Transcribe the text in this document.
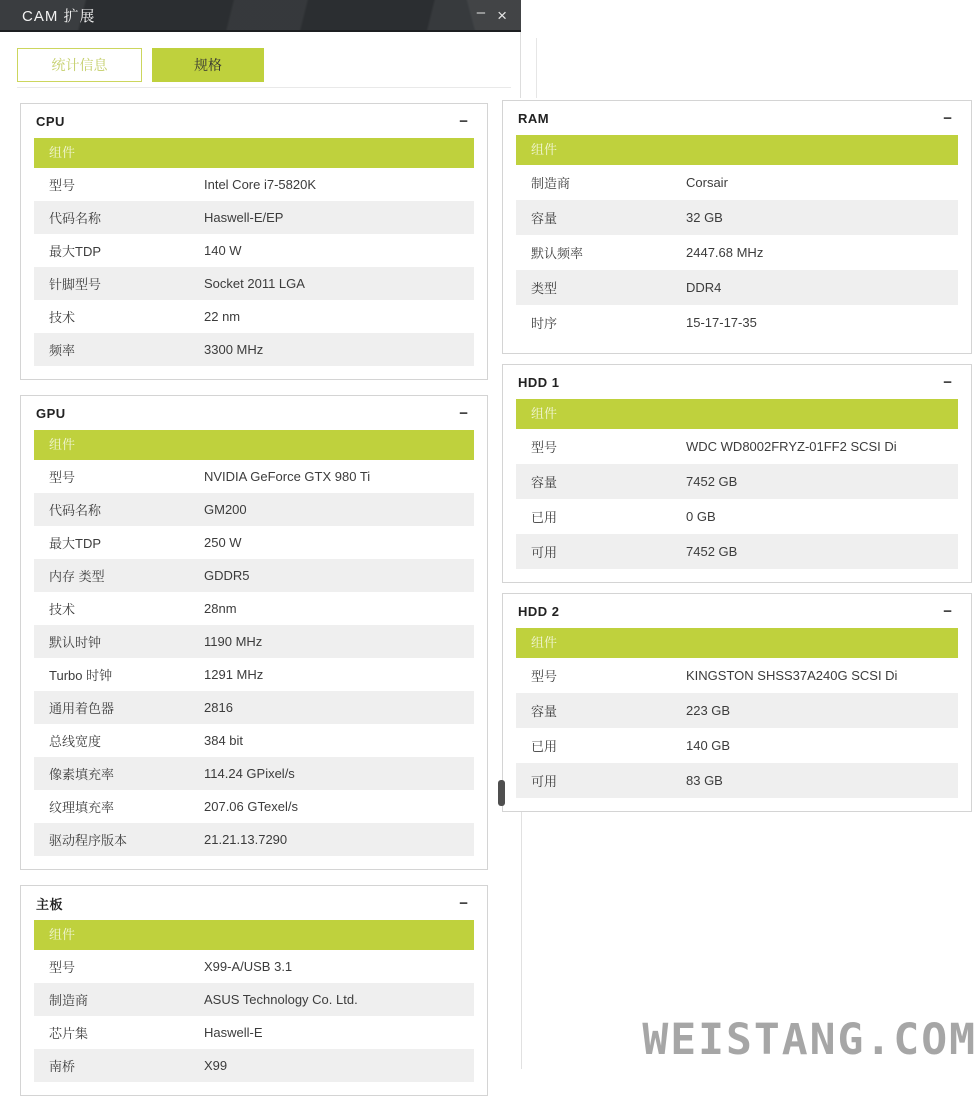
CAM 扩展	– ×
统计信息	规格
CPU	−
组件
型号	Intel Core i7-5820K
代码名称	Haswell-E/EP
最大TDP	140 W
针脚型号	Socket 2011 LGA
技术	22 nm
频率	3300 MHz
GPU	−
组件
型号	NVIDIA GeForce GTX 980 Ti
代码名称	GM200
最大TDP	250 W
内存 类型	GDDR5
技术	28nm
默认时钟	1190 MHz
Turbo 时钟	1291 MHz
通用着色器	2816
总线宽度	384 bit
像素填充率	114.24 GPixel/s
纹理填充率	207.06 GTexel/s
驱动程序版本	21.21.13.7290
主板	−
组件
型号	X99-A/USB 3.1
制造商	ASUS Technology Co. Ltd.
芯片集	Haswell-E
南桥	X99
RAM	−
组件
制造商	Corsair
容量	32 GB
默认频率	2447.68 MHz
类型	DDR4
时序	15-17-17-35
HDD 1	−
组件
型号	WDC WD8002FRYZ-01FF2 SCSI Di
容量	7452 GB
已用	0 GB
可用	7452 GB
HDD 2	−
组件
型号	KINGSTON SHSS37A240G SCSI Di
容量	223 GB
已用	140 GB
可用	83 GB
WEISTANG.COM
